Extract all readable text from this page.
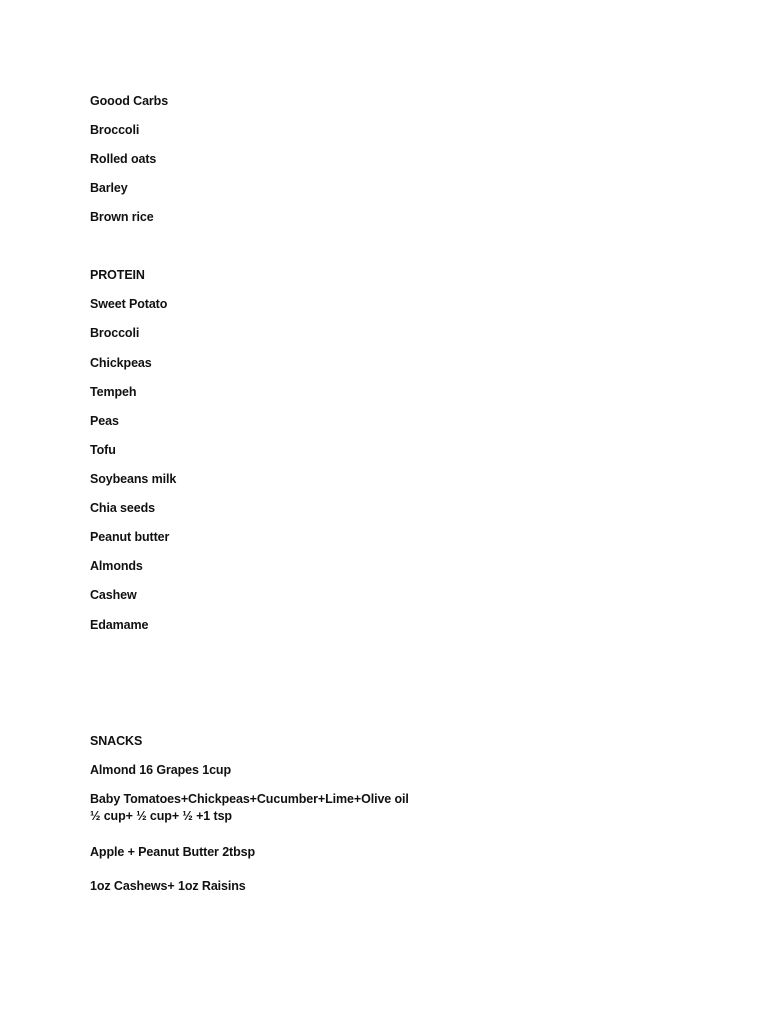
Goood Carbs
Broccoli
Rolled oats
Barley
Brown rice
PROTEIN
Sweet Potato
Broccoli
Chickpeas
Tempeh
Peas
Tofu
Soybeans milk
Chia seeds
Peanut butter
Almonds
Cashew
Edamame
SNACKS
Almond 16 Grapes 1cup
Baby Tomatoes+Chickpeas+Cucumber+Lime+Olive oil
½ cup+ ½ cup+ ½ +1 tsp
Apple + Peanut Butter 2tbsp
1oz Cashews+ 1oz Raisins
